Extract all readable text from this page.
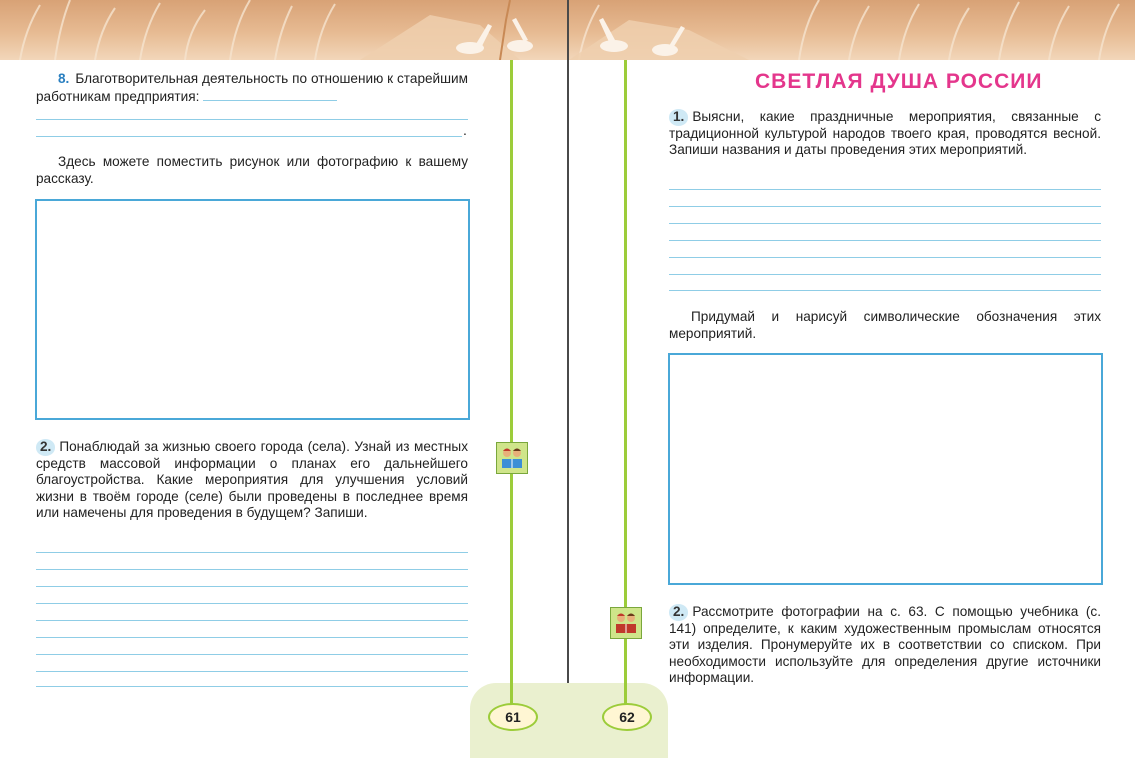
8. Благотворительная деятельность по отношению к старейшим работникам предприятия:

.

Здесь можете поместить рисунок или фотографию к вашему рассказу.

2. Понаблюдай за жизнью своего города (села). Узнай из местных средств массовой информации о планах его дальнейшего благоустройства. Какие мероприятия для улучшения условий жизни в твоём городе (селе) были проведены в последнее время или намечены для проведения в будущем? Запиши.

61
СВЕТЛАЯ ДУША РОССИИ

1. Выясни, какие праздничные мероприятия, связанные с традиционной культурой народов твоего края, проводятся весной. Запиши названия и даты проведения этих мероприятий.

Придумай и нарисуй символические обозначения этих мероприятий.

2. Рассмотрите фотографии на с. 63. С помощью учебника (с. 141) определите, к каким художественным промыслам относятся эти изделия. Пронумеруйте их в соответствии со списком. При необходимости используйте для определения другие источники информации.

62
